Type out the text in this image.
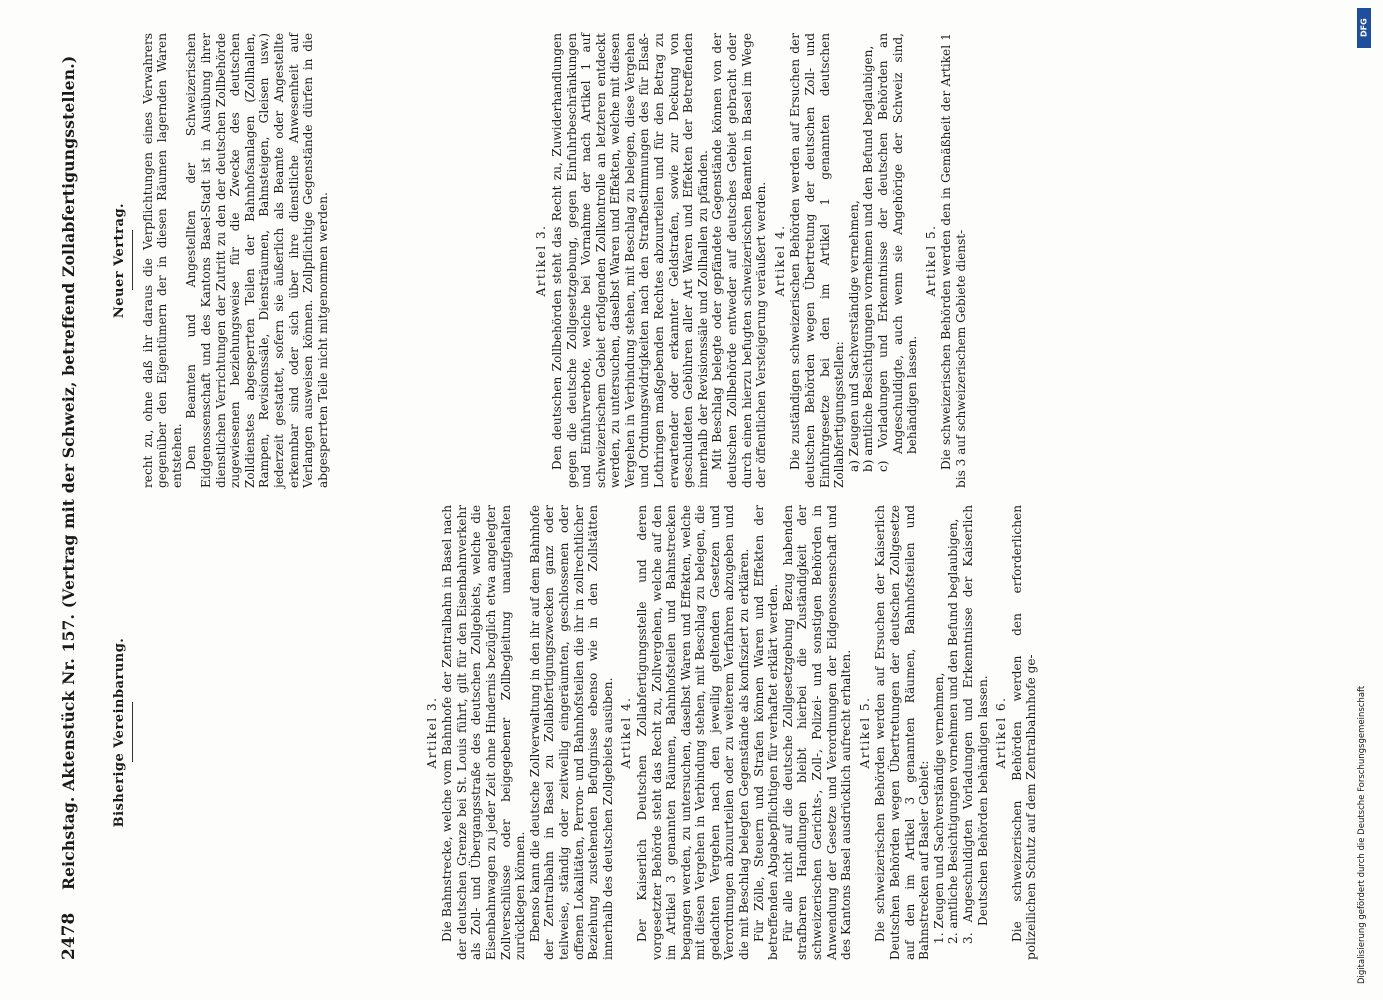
2478
Reichstag. Aktenstück Nr. 157. (Vertrag mit der Schweiz, betreffend Zollabfertigungsstellen.)	Bisherige Vereinbarung.	Artikel 3. Die Bahnstrecke, welche vom Bahnhofe der Zentralbahn in Basel nach der deutschen Grenze bei St. Louis führt, gilt für den Eisenbahnverkehr als Zoll- und Übergangsstraße des deutschen Zollgebiets, welche die Eisenbahnwagen zu jeder Zeit ohne Hindernis bezüglich etwa angelegter Zollverschlüsse oder beigegebener Zollbegleitung unaufgehalten zurücklegen können. Ebenso kann die deutsche Zollverwaltung in den ihr auf dem Bahnhofe der Zentralbahn in Basel zu Zollabfertigungszwecken ganz oder teilweise, ständig oder zeitweilig eingeräumten, geschlossenen oder offenen Lokalitäten, Perron- und Bahnhofsteilen die ihr in zollrechtlicher Beziehung zustehenden Befugnisse ebenso wie in den Zollstätten innerhalb des deutschen Zollgebiets ausüben. Artikel 4. Der Kaiserlich Deutschen Zollabfertigungsstelle und deren vorgesetzter Behörde steht das Recht zu, Zollvergehen, welche auf den im Artikel 3 genannten Räumen, Bahnhofsteilen und Bahnstrecken begangen werden, zu untersuchen, daselbst Waren und Effekten, welche mit diesen Vergehen in Verbindung stehen, mit Beschlag zu belegen, die gedachten Vergehen nach den jeweilig geltenden Gesetzen und Verordnungen abzuurteilen oder zu weiterem Verfahren abzugeben und die mit Beschlag belegten Gegenstände als konfisziert zu erklären. Für Zölle, Steuern und Strafen können Waren und Effekten der betreffenden Abgabepflichtigen für verhaftet erklärt werden. Für alle nicht auf die deutsche Zollgesetzgebung Bezug habenden strafbaren Handlungen bleibt hierbei die Zuständigkeit der schweizerischen Gerichts-, Zoll-, Polizei- und sonstigen Behörden in Anwendung der Gesetze und Verordnungen der Eidgenossenschaft und des Kantons Basel ausdrücklich aufrecht erhalten. Artikel 5. Die schweizerischen Behörden werden auf Ersuchen der Kaiserlich Deutschen Behörden wegen Übertretungen der deutschen Zollgesetze auf den im Artikel 3 genannten Räumen, Bahnhofsteilen und Bahnstrecken auf Basler Gebiet: 1. Zeugen und Sachverständige vernehmen, 2. amtliche Besichtigungen vornehmen und den Befund beglaubigen, 3. Angeschuldigten Vorladungen und Erkenntnisse der Kaiserlich Deutschen Behörden behändigen lassen. Artikel 6. Die schweizerischen Behörden werden den erforderlichen polizeilichen Schutz auf dem Zentralbahnhofe ge-

Neuer Vertrag. recht zu, ohne daß ihr daraus die Verpflichtungen eines Verwahrers gegenüber den Eigentümern der in diesen Räumen lagernden Waren entstehen. Den Beamten und Angestellten der Schweizerischen Eidgenossenschaft und des Kantons Basel-Stadt ist in Ausübung ihrer dienstlichen Verrichtungen der Zutritt zu den der deutschen Zollbehörde zugewiesenen beziehungsweise für die Zwecke des deutschen Zolldienstes abgesperrten Teilen der Bahnhofsanlagen (Zollhallen, Rampen, Revisionssäle, Diensträumen, Bahnsteigen, Gleisen usw.) jederzeit gestattet, sofern sie äußerlich als Beamte oder Angestellte erkennbar sind oder sich über ihre dienstliche Anwesenheit auf Verlangen ausweisen können. Zollpflichtige Gegenstände dürfen in die abgesperrten Teile nicht mitgenommen werden.	Artikel 3. Den deutschen Zollbehörden steht das Recht zu, Zuwiderhandlungen gegen die deutsche Zollgesetzgebung, gegen Einfuhrbeschränkungen und Einfuhrverbote, welche bei Vornahme der nach Artikel 1 auf schweizerischem Gebiet erfolgenden Zollkontrolle an letzteren entdeckt werden, zu untersuchen, daselbst Waren und Effekten, welche mit diesen Vergehen in Verbindung stehen, mit Beschlag zu belegen, diese Vergehen und Ordnungswidrigkeiten nach den Strafbestimmungen des für Elsaß-Lothringen maßgebenden Rechtes abzuurteilen und für den Betrag zu erwartender oder erkannter Geldstrafen, sowie zur Deckung von geschuldeten Gebühren aller Art Waren und Effekten der Betreffenden innerhalb der Revisionssäle und Zollhallen zu pfänden. Mit Beschlag belegte oder gepfändete Gegenstände können von der deutschen Zollbehörde entweder auf deutsches Gebiet gebracht oder durch einen hierzu befugten schweizerischen Beamten in Basel im Wege der öffentlichen Versteigerung veräußert werden. Artikel 4. Die zuständigen schweizerischen Behörden werden auf Ersuchen der deutschen Behörden wegen Übertretung der deutschen Zoll- und Einfuhrgesetze bei den im Artikel 1 genannten deutschen Zollabfertigungsstellen: a) Zeugen und Sachverständige vernehmen, b) amtliche Besichtigungen vornehmen und den Befund beglaubigen, c) Vorladungen und Erkenntnisse der deutschen Behörden an Angeschuldigte, auch wenn sie Angehörige der Schweiz sind, behändigen lassen.
Artikel 5. Die schweizerischen Behörden werden den in Gemäßheit der Artikel 1 bis 3 auf schweizerischem Gebiete dienst-

DFG
Digitalisierung gefördert durch die Deutsche Forschungsgemeinschaft
